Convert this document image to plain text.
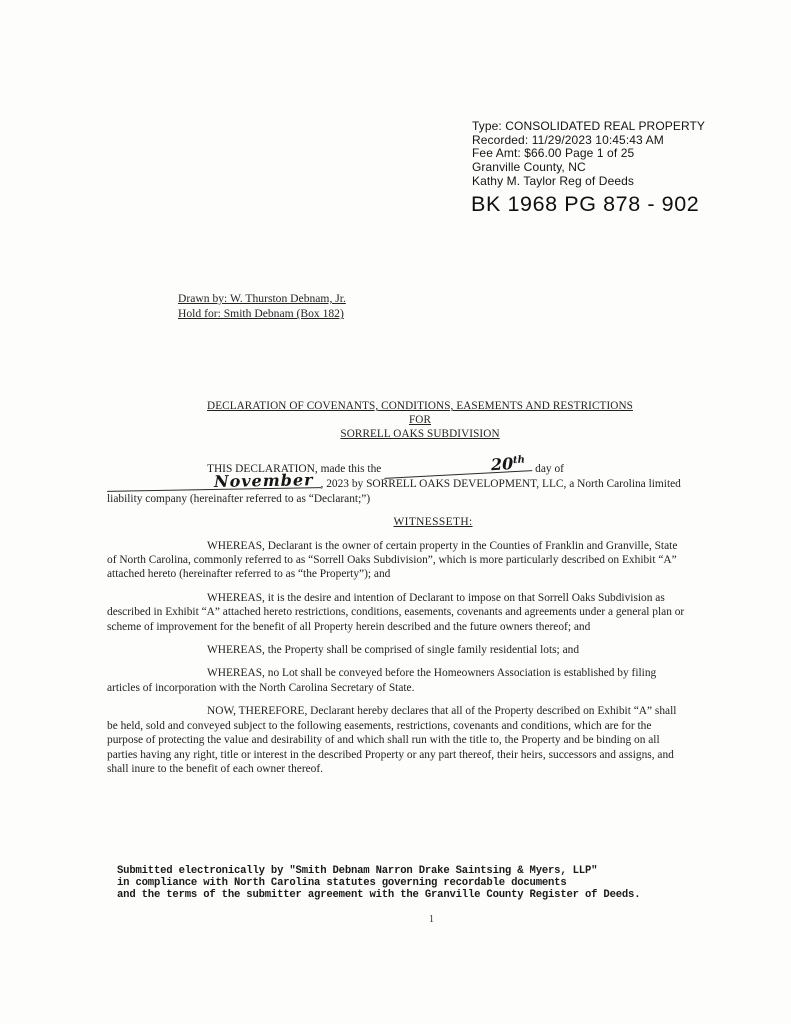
Type: CONSOLIDATED REAL PROPERTY
Recorded: 11/29/2023 10:45:43 AM
Fee Amt: $66.00 Page 1 of 25
Granville County, NC
Kathy M. Taylor Reg of Deeds
BK 1968 PG 878 - 902
Drawn by: W. Thurston Debnam, Jr.
Hold for: Smith Debnam (Box 182)
DECLARATION OF COVENANTS, CONDITIONS, EASEMENTS AND RESTRICTIONS
FOR
SORRELL OAKS SUBDIVISION

THIS DECLARATION, made this the	20th day of November , 2023 by SORRELL OAKS DEVELOPMENT, LLC, a North Carolina limited liability company (hereinafter referred to as “Declarant;”)

WITNESSETH:

WHEREAS, Declarant is the owner of certain property in the Counties of Franklin and Granville, State of North Carolina, commonly referred to as “Sorrell Oaks Subdivision”, which is more particularly described on Exhibit “A” attached hereto (hereinafter referred to as “the Property”); and

WHEREAS, it is the desire and intention of Declarant to impose on that Sorrell Oaks Subdivision as described in Exhibit “A” attached hereto restrictions, conditions, easements, covenants and agreements under a general plan or scheme of improvement for the benefit of all Property herein described and the future owners thereof; and

WHEREAS, the Property shall be comprised of single family residential lots; and

WHEREAS, no Lot shall be conveyed before the Homeowners Association is established by filing articles of incorporation with the North Carolina Secretary of State.

NOW, THEREFORE, Declarant hereby declares that all of the Property described on Exhibit “A” shall be held, sold and conveyed subject to the following easements, restrictions, covenants and conditions, which are for the purpose of protecting the value and desirability of and which shall run with the title to, the Property and be binding on all parties having any right, title or interest in the described Property or any part thereof, their heirs, successors and assigns, and shall inure to the benefit of each owner thereof.

Submitted electronically by "Smith Debnam Narron Drake Saintsing & Myers, LLP"
in compliance with North Carolina statutes governing recordable documents
and the terms of the submitter agreement with the Granville County Register of Deeds.
1
